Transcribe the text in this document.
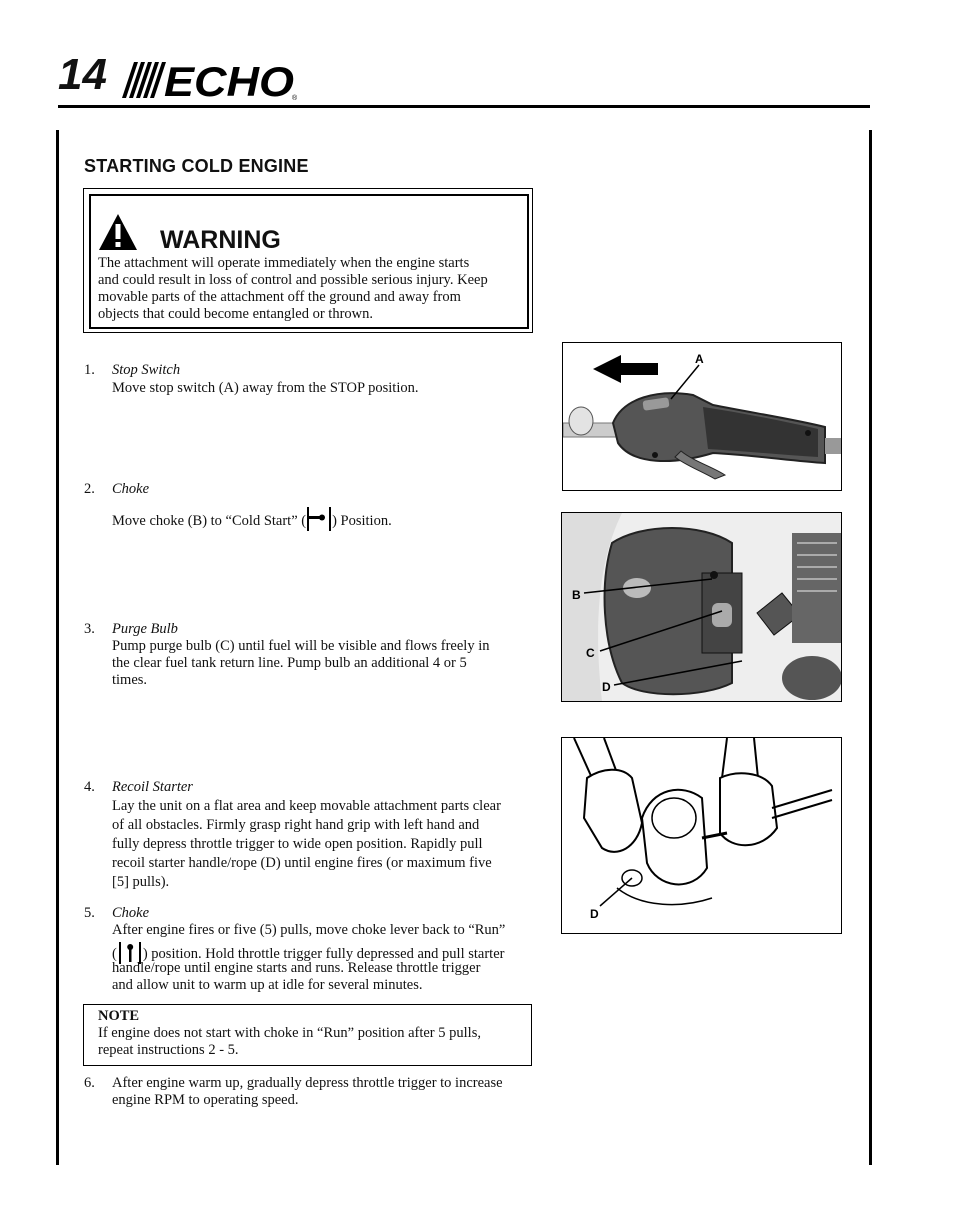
14 ECHO
®
STARTING COLD ENGINE
WARNING
The attachment will operate immediately when the engine starts
and could result in loss of control and possible serious injury. Keep
movable parts of the attachment off the ground and away from
objects that could become entangled or thrown.
1. Stop Switch
Move stop switch (A) away from the STOP position.
2. Choke
Move choke (B) to “Cold Start” ( ) Position.
3. Purge Bulb
Pump purge bulb (C) until fuel will be visible and flows freely in
the clear fuel tank return line. Pump bulb an additional 4 or 5
times.
4. Recoil Starter
Lay the unit on a flat area and keep movable attachment parts clear
of all obstacles. Firmly grasp right hand grip with left hand and
fully depress throttle trigger to wide open position. Rapidly pull
recoil starter handle/rope (D) until engine fires (or maximum five
[5] pulls).
5. Choke
After engine fires or five (5) pulls, move choke lever back to “Run”
( ) position. Hold throttle trigger fully depressed and pull starter
handle/rope until engine starts and runs. Release throttle trigger
and allow unit to warm up at idle for several minutes.
NOTE
If engine does not start with choke in “Run” position after 5 pulls,
repeat instructions 2 - 5.
6. After engine warm up, gradually depress throttle trigger to increase
engine RPM to operating speed.
A
B
C
D
D
